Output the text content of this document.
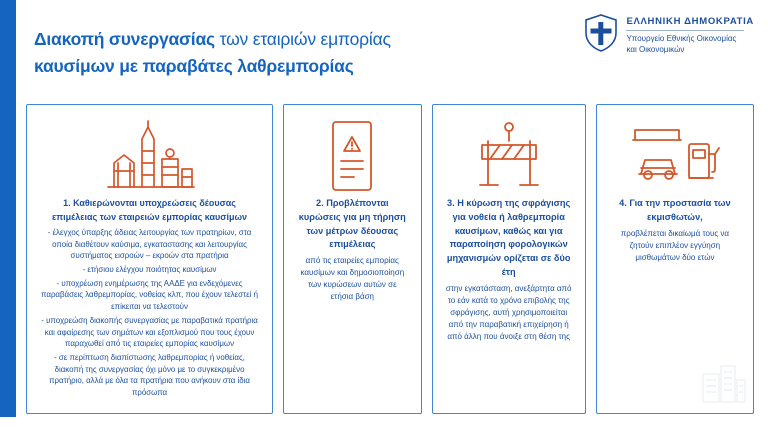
Διακοπή συνεργασίας των εταιριών εμπορίας
καυσίμων με παραβάτες λαθρεμπορίας
ΕΛΛΗΝΙΚΗ ΔΗΜΟΚΡΑΤΙΑ
Υπουργείο Εθνικής Οικονομίας
και Οικονομικών
1. Καθιερώνονται υποχρεώσεις δέουσας επιμέλειας των εταιρειών εμπορίας καυσίμων
- έλεγχος ύπαρξης άδειας λειτουργίας των πρατηρίων, στα οποία διαθέτουν καύσιμα, εγκαταστασης και λειτουργίας συστήματος εισροών – εκροών στα πρατήρια
- ετήσιου ελέγχου ποιότητας καυσίμων
- υποχρέωση ενημέρωσης της ΑΑΔΕ για ενδεχόμενες παραβάσεις λαθρεμπορίας, νοθείας κλπ, που έχουν τελεστεί ή επίκειται να τελεστούν
- υποχρεώση διακοπής συνεργασίας με παραβατικά πρατήρια και αφαίρεσης των σημάτων και εξοπλισμού που τους έχουν παραχωθεί από τις εταιρείες εμπορίας καυσίμων
- σε περίπτωση διαπίστωσης λαθρεμπορίας ή νοθείας, διακοπή της συνεργασίας όχι μόνο με το συγκεκριμένο πρατήριο, αλλά με όλα τα πρατήρια που ανήκουν στα ίδια πρόσωπα
2. Προβλέπονται κυρώσεις για μη τήρηση των μέτρων δέουσας επιμέλειας
από τις εταιρείες εμπορίας καυσίμων και δημοσιοποίηση των κυρώσεων αυτών σε ετήσια βάση
3. Η κύρωση της σφράγισης για νοθεία ή λαθρεμπορία καυσίμων, καθώς και για παραποίηση φορολογικών μηχανισμών ορίζεται σε δύο έτη
στην εγκατάσταση, ανεξάρτητα από το εάν κατά το χρόνο επιβολής της σφράγισης, αυτή χρησιμοποιείται από την παραβατική επιχείρηση ή από άλλη που άνοιξε στη θέση της
4. Για την προστασία των εκμισθωτών,
προβλέπεται δικαίωμά τους να ζητούν επιπλέον εγγύηση μισθωμάτων δύο ετών
